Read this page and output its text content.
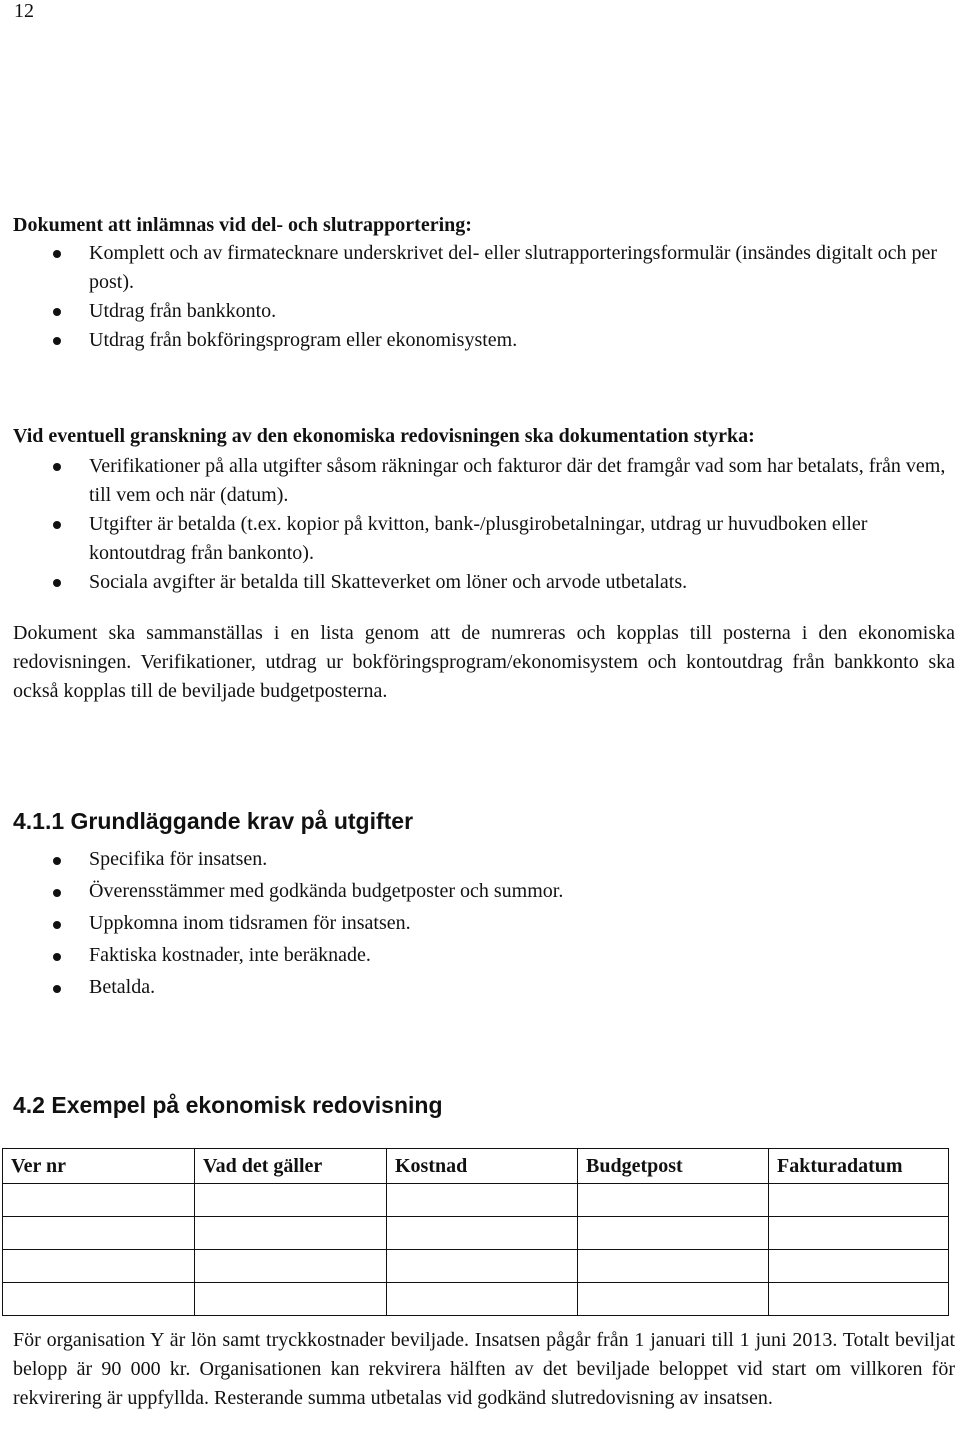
12
Dokument att inlämnas vid del- och slutrapportering:
Komplett och av firmatecknare underskrivet del- eller slutrapporteringsformulär (insändes digitalt och per post).
Utdrag från bankkonto.
Utdrag från bokföringsprogram eller ekonomisystem.
Vid eventuell granskning av den ekonomiska redovisningen ska dokumentation styrka:
Verifikationer på alla utgifter såsom räkningar och fakturor där det framgår vad som har betalats, från vem, till vem och när (datum).
Utgifter är betalda (t.ex. kopior på kvitton, bank-/plusgirobetalningar, utdrag ur huvudboken eller kontoutdrag från bankonto).
Sociala avgifter är betalda till Skatteverket om löner och arvode utbetalats.
Dokument ska sammanställas i en lista genom att de numreras och kopplas till posterna i den ekonomiska redovisningen. Verifikationer, utdrag ur bokföringsprogram/ekonomisystem och kontoutdrag från bankkonto ska också kopplas till de beviljade budgetposterna.
4.1.1 Grundläggande krav på utgifter
Specifika för insatsen.
Överensstämmer med godkända budgetposter och summor.
Uppkomna inom tidsramen för insatsen.
Faktiska kostnader, inte beräknade.
Betalda.
4.2 Exempel på ekonomisk redovisning
Ver nr	Vad det gäller	Kostnad	Budgetpost	Fakturadatum

För organisation Y är lön samt tryckkostnader beviljade. Insatsen pågår från 1 januari till 1 juni 2013. Totalt beviljat belopp är 90 000 kr. Organisationen kan rekvirera hälften av det beviljade beloppet vid start om villkoren för rekvirering är uppfyllda. Resterande summa utbetalas vid godkänd slutredovisning av insatsen.
